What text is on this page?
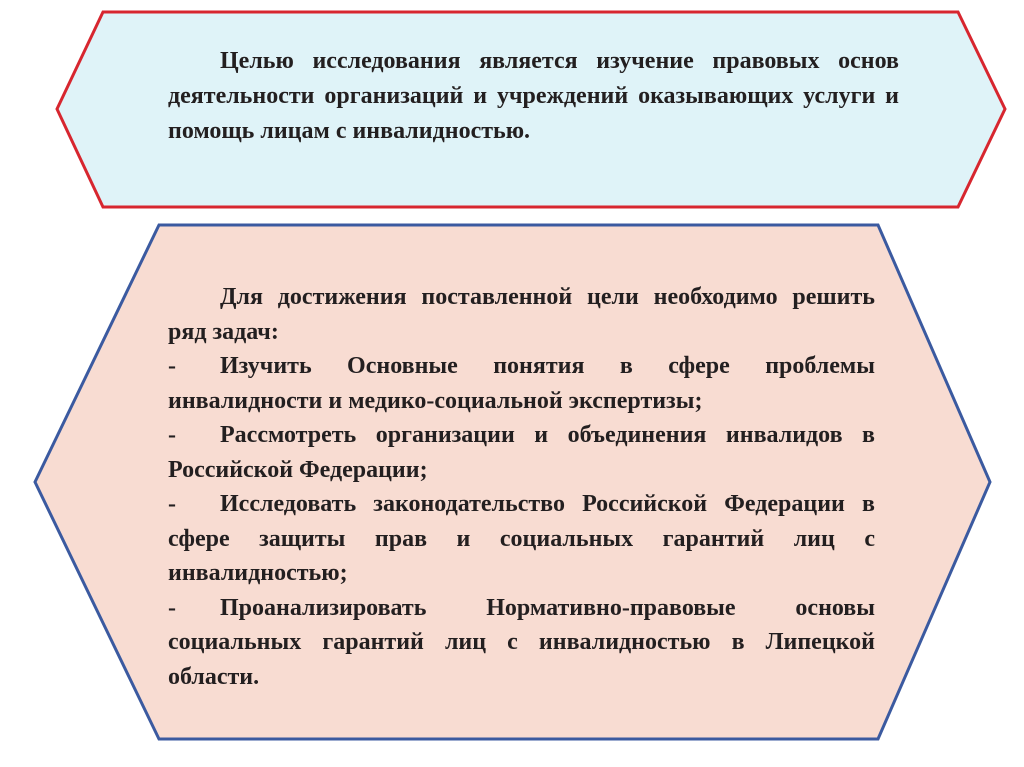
Целью исследования является изучение правовых основ деятельности организаций и учреждений оказывающих услуги и помощь лицам с инвалидностью.

Для достижения поставленной цели необходимо решить ряд задач:
- Изучить Основные понятия в сфере проблемы инвалидности и медико-социальной экспертизы;
- Рассмотреть организации и объединения инвалидов в Российской Федерации;
- Исследовать законодательство Российской Федерации в сфере защиты прав и социальных гарантий лиц с инвалидностью;
- Проанализировать Нормативно-правовые основы социальных гарантий лиц с инвалидностью в Липецкой области.
